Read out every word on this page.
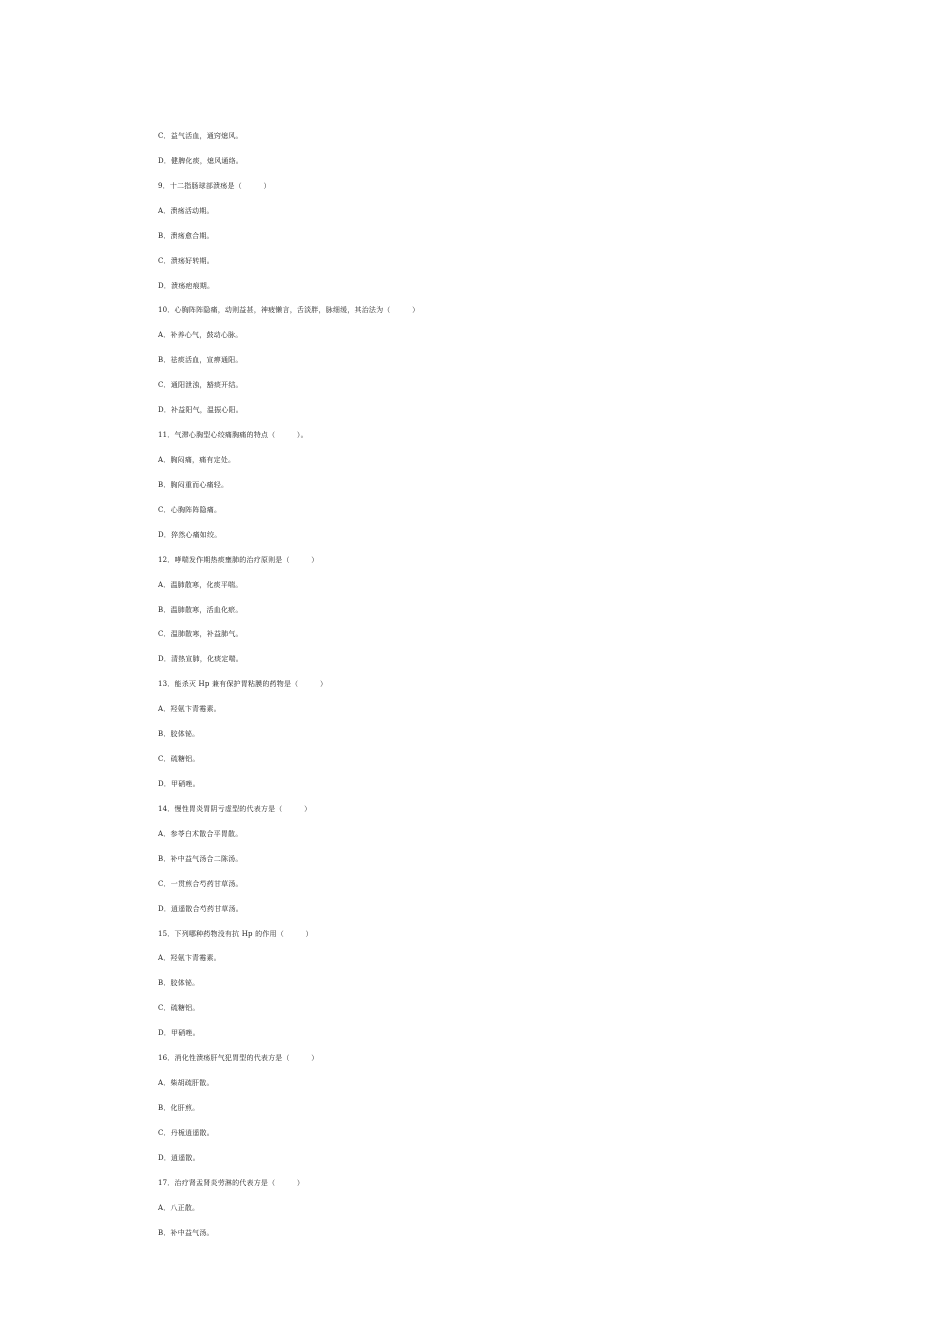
C．益气活血，通窍熄风。
D．健脾化痰，熄风通络。
9．十二指肠球部溃疡是（　　　）
A．溃疡活动期。
B．溃疡愈合期。
C．溃疡好转期。
D．溃疡疤痕期。
10．心胸阵阵隐痛，动则益甚，神疲懒言，舌淡胖，脉细缓，其治法为（　　　）
A．补养心气，鼓动心脉。
B．祛痰活血，宣痹通阳。
C．通阳泄浊，豁痰开结。
D．补益阳气，温振心阳。
11．气滞心胸型心绞痛胸痛的特点（　　　）。
A．胸闷痛，痛有定处。
B．胸闷重而心痛轻。
C．心胸阵阵隐痛。
D．猝然心痛如绞。
12．哮喘发作期热痰壅肺的治疗原则是（　　　）
A．温肺散寒，化痰平喘。
B．温肺散寒，活血化瘀。
C．温肺散寒，补益肺气。
D．清热宣肺，化痰定喘。
13．能杀灭 Hp 兼有保护胃粘膜的药物是（　　　）
A．羟氨卞青霉素。
B．胶体铋。
C．硫糖铝。
D．甲硝唑。
14．慢性胃炎胃阴亏虚型的代表方是（　　　）
A．参苓白术散合平胃散。
B．补中益气汤合二陈汤。
C．一贯煎合芍药甘草汤。
D．逍遥散合芍药甘草汤。
15．下列哪种药物没有抗 Hp 的作用（　　　）
A．羟氨卞青霉素。
B．胶体铋。
C．硫糖铝。
D．甲硝唑。
16．消化性溃疡肝气犯胃型的代表方是（　　　）
A．柴胡疏肝散。
B．化肝煎。
C．丹栀逍遥散。
D．逍遥散。
17．治疗肾盂肾炎劳淋的代表方是（　　　）
A．八正散。
B．补中益气汤。
